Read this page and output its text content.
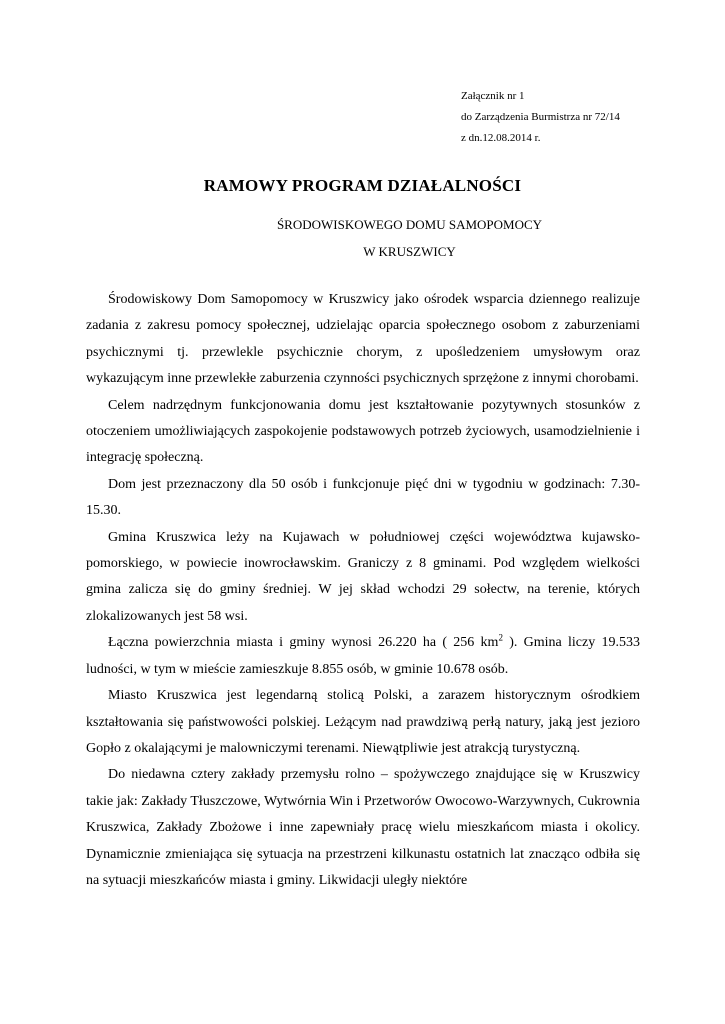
Załącznik nr 1
do Zarządzenia Burmistrza nr 72/14
z dn.12.08.2014 r.
RAMOWY PROGRAM DZIAŁALNOŚCI
ŚRODOWISKOWEGO DOMU SAMOPOMOCY
W KRUSZWICY

Środowiskowy Dom Samopomocy w Kruszwicy jako ośrodek wsparcia dziennego realizuje zadania z zakresu pomocy społecznej, udzielając oparcia społecznego osobom z zaburzeniami psychicznymi tj. przewlekle psychicznie chorym, z upośledzeniem umysłowym oraz wykazującym inne przewlekłe zaburzenia czynności psychicznych sprzężone z innymi chorobami.

Celem nadrzędnym funkcjonowania domu jest kształtowanie pozytywnych stosunków z otoczeniem umożliwiających zaspokojenie podstawowych potrzeb życiowych, usamodzielnienie i integrację społeczną.

Dom jest przeznaczony dla 50 osób i funkcjonuje pięć dni w tygodniu w godzinach: 7.30-15.30.

Gmina Kruszwica leży na Kujawach w południowej części województwa kujawsko-pomorskiego, w powiecie inowrocławskim. Graniczy z 8 gminami. Pod względem wielkości gmina zalicza się do gminy średniej. W jej skład wchodzi 29 sołectw, na terenie, których zlokalizowanych jest 58 wsi.

Łączna powierzchnia miasta i gminy wynosi 26.220 ha ( 256 $km^2$ ). Gmina liczy 19.533 ludności, w tym w mieście zamieszkuje 8.855 osób, w gminie 10.678 osób.

Miasto Kruszwica jest legendarną stolicą Polski, a zarazem historycznym ośrodkiem kształtowania się państwowości polskiej. Leżącym nad prawdziwą perłą natury, jaką jest jezioro Gopło z okalającymi je malowniczymi terenami. Niewątpliwie jest atrakcją turystyczną.

Do niedawna cztery zakłady przemysłu rolno – spożywczego znajdujące się w Kruszwicy takie jak: Zakłady Tłuszczowe, Wytwórnia Win i Przetworów Owocowo-Warzywnych, Cukrownia Kruszwica, Zakłady Zbożowe i inne zapewniały pracę wielu mieszkańcom miasta i okolicy. Dynamicznie zmieniająca się sytuacja na przestrzeni kilkunastu ostatnich lat znacząco odbiła się na sytuacji mieszkańców miasta i gminy. Likwidacji uległy niektóre
